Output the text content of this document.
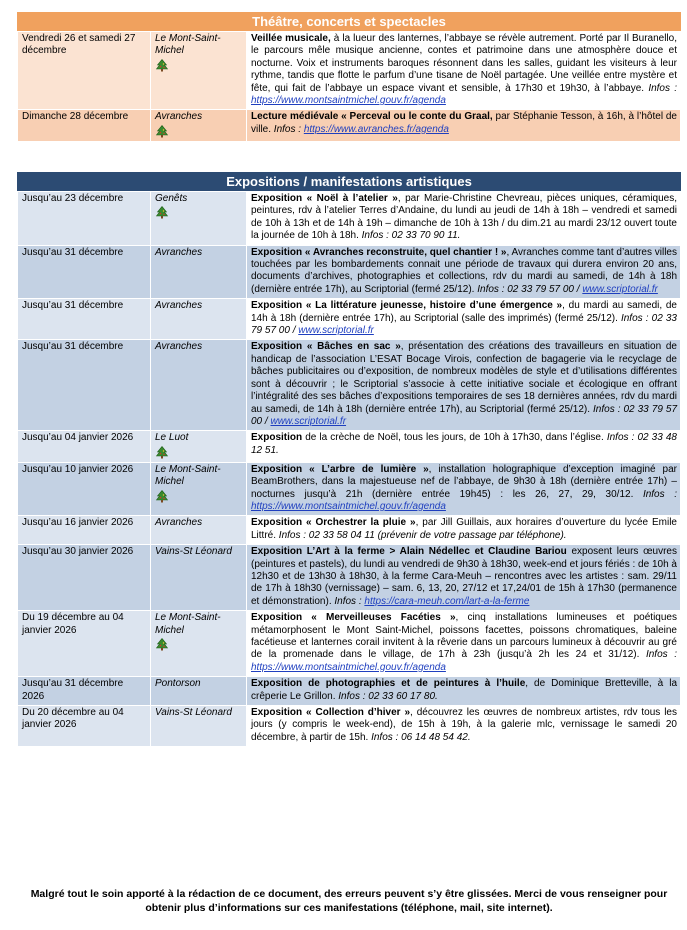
Théâtre, concerts et spectacles
Vendredi 26 et samedi 27 décembre	Le Mont-Saint-Michel	Veillée musicale, à la lueur des lanternes, l’abbaye se révèle autrement. Porté par Il Buranello, le parcours mêle musique ancienne, contes et patrimoine dans une atmosphère douce et nocturne. Voix et instruments baroques résonnent dans les salles, guidant les visiteurs à leur rythme, tandis que flotte le parfum d’une tisane de Noël partagée. Une veillée entre mystère et fête, qui fait de l’abbaye un espace vivant et sensible, à 17h30 et 19h30, à l’abbaye. Infos : https://www.montsaintmichel.gouv.fr/agenda
Dimanche 28 décembre	Avranches	Lecture médiévale « Perceval ou le conte du Graal, par Stéphanie Tesson, à 16h, à l’hôtel de ville. Infos : https://www.avranches.fr/agenda
Expositions / manifestations artistiques
Jusqu’au 23 décembre	Genêts	Exposition « Noël à l’atelier », par Marie-Christine Chevreau, pièces uniques, céramiques, peintures, rdv à l’atelier Terres d’Andaine, du lundi au jeudi de 14h à 18h – vendredi et samedi de 10h à 13h et de 14h à 19h – dimanche de 10h à 13h / du dim.21 au mardi 23/12 ouvert toute la journée de 10h à 18h. Infos : 02 33 70 90 11.
Jusqu’au 31 décembre	Avranches	Exposition « Avranches reconstruite, quel chantier ! », Avranches comme tant d’autres villes touchées par les bombardements connait une période de travaux qui durera environ 20 ans, documents d’archives, photographies et collections, rdv du mardi au samedi, de 14h à 18h (dernière entrée 17h), au Scriptorial (fermé 25/12). Infos : 02 33 79 57 00 / www.scriptorial.fr
Jusqu’au 31 décembre	Avranches	Exposition « La littérature jeunesse, histoire d’une émergence », du mardi au samedi, de 14h à 18h (dernière entrée 17h), au Scriptorial (salle des imprimés) (fermé 25/12). Infos : 02 33 79 57 00 / www.scriptorial.fr
Jusqu’au 31 décembre	Avranches	Exposition « Bâches en sac », présentation des créations des travailleurs en situation de handicap de l’association L’ESAT Bocage Virois, confection de bagagerie via le recyclage de bâches publicitaires ou d’exposition, de nombreux modèles de style et d’utilisations différentes sont à découvrir ; le Scriptorial s’associe à cette initiative sociale et écologique en offrant l’intégralité des ses bâches d’expositions temporaires de ses 18 dernières années, rdv du mardi au samedi, de 14h à 18h (dernière entrée 17h), au Scriptorial (fermé 25/12). Infos : 02 33 79 57 00 / www.scriptorial.fr
Jusqu’au 04 janvier 2026	Le Luot	Exposition de la crèche de Noël, tous les jours, de 10h à 17h30, dans l’église. Infos : 02 33 48 12 51.
Jusqu’au 10 janvier 2026	Le Mont-Saint-Michel	Exposition « L’arbre de lumière », installation holographique d’exception imaginé par BeamBrothers, dans la majestueuse nef de l’abbaye, de 9h30 à 18h (dernière entrée 17h) – nocturnes jusqu’à 21h (dernière entrée 19h45) : les 26, 27, 29, 30/12. Infos : https://www.montsaintmichel.gouv.fr/agenda
Jusqu’au 16 janvier 2026	Avranches	Exposition « Orchestrer la pluie », par Jill Guillais, aux horaires d’ouverture du lycée Emile Littré. Infos : 02 33 58 04 11 (prévenir de votre passage par téléphone).
Jusqu’au 30 janvier 2026	Vains-St Léonard	Exposition L’Art à la ferme > Alain Nédellec et Claudine Bariou exposent leurs œuvres (peintures et pastels), du lundi au vendredi de 9h30 à 18h30, week-end et jours fériés : de 10h à 12h30 et de 13h30 à 18h30, à la ferme Cara-Meuh – rencontres avec les artistes : sam. 29/11 de 17h à 18h30 (vernissage) – sam. 6, 13, 20, 27/12 et 17,24/01 de 15h à 17h30 (permanence et démonstration). Infos : https://cara-meuh.com/lart-a-la-ferme
Du 19 décembre au 04 janvier 2026	Le Mont-Saint-Michel	Exposition « Merveilleuses Facéties », cinq installations lumineuses et poétiques métamorphosent le Mont Saint-Michel, poissons facettes, poissons chromatiques, baleine facétieuse et lanternes corail invitent à la rêverie dans un parcours lumineux à découvrir au gré de la promenade dans le village, de 17h à 23h (jusqu’à 2h les 24 et 31/12). Infos : https://www.montsaintmichel.gouv.fr/agenda
Jusqu’au 31 décembre 2026	Pontorson	Exposition de photographies et de peintures à l’huile, de Dominique Bretteville, à la crêperie Le Grillon. Infos : 02 33 60 17 80.
Du 20 décembre au 04 janvier 2026	Vains-St Léonard	Exposition « Collection d’hiver », découvrez les œuvres de nombreux artistes, rdv tous les jours (y compris le week-end), de 15h à 19h, à la galerie mlc, vernissage le samedi 20 décembre, à partir de 15h. Infos : 06 14 48 54 42.
Malgré tout le soin apporté à la rédaction de ce document, des erreurs peuvent s’y être glissées. Merci de vous renseigner pour obtenir plus d’informations sur ces manifestations (téléphone, mail, site internet).
